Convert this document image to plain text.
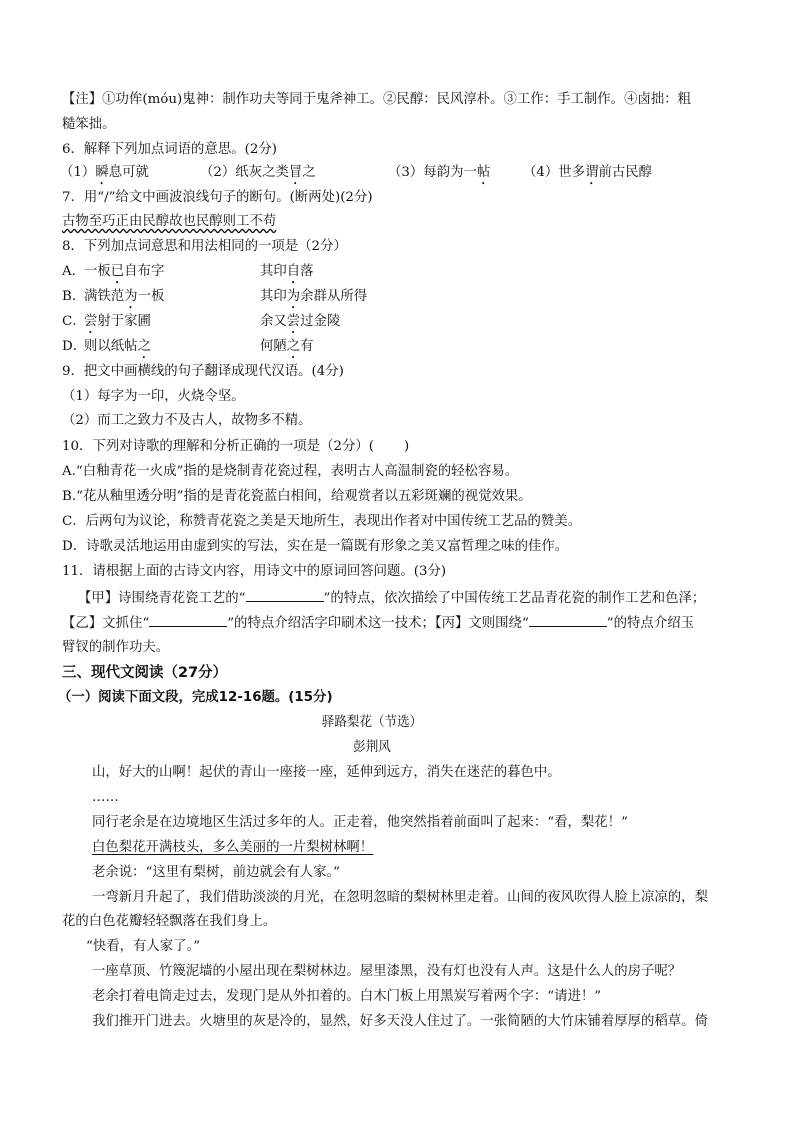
【注】①功侔(móu)鬼神：制作功夫等同于鬼斧神工。②民醇：民风淳朴。③工作：手工制作。④卤拙：粗
糙笨拙。
6．解释下列加点词语的意思。(2分)
（1）瞬息可就	（2）纸灰之类冒之	（3）每韵为一帖 （4）世多谓前古民醇
7．用“/”给文中画波浪线句子的断句。(断两处)(2分)
古物至巧正由民醇故也民醇则工不苟
8．下列加点词意思和用法相同的一项是（2分）
A．
一板已自布字	其印自落
B．
满铁范为一板	其印为余群从所得
C．
尝射于家圃	余又尝过金陵
D．
则以纸帖之	何陋之有
9．把文中画横线的句子翻译成现代汉语。(4分)
（1）每字为一印，火烧令坚。
（2）而工之致力不及古人，故物多不精。
10．下列对诗歌的理解和分析正确的一项是（2分）( )
A.“白釉青花一火成”指的是烧制青花瓷过程，表明古人高温制瓷的轻松容易。
B.“花从釉里透分明”指的是青花瓷蓝白相间，给观赏者以五彩斑斓的视觉效果。
C．后两句为议论，称赞青花瓷之美是天地所生，表现出作者对中国传统工艺品的赞美。
D．诗歌灵活地运用由虚到实的写法，实在是一篇既有形象之美又富哲理之味的佳作。
11．请根据上面的古诗文内容，用诗文中的原词回答问题。(3分)
【甲】诗围绕青花瓷工艺的“	”的特点，依次描绘了中国传统工艺品青花瓷的制作工艺和色泽；
【乙】文抓住“	”的特点介绍活字印刷术这一技术；【丙】文则围绕“	”的特点介绍玉
臂钗的制作功夫。
三、现代文阅读（27分）
（一）阅读下面文段，完成12-16题。(15分)
驿路梨花（节选）
彭荆风
山，好大的山啊！起伏的青山一座接一座，延伸到远方，消失在迷茫的暮色中。
……
同行老余是在边境地区生活过多年的人。正走着，他突然指着前面叫了起来：“看，梨花！”
白色梨花开满枝头，多么美丽的一片梨树林啊！
老余说：“这里有梨树，前边就会有人家。”
一弯新月升起了，我们借助淡淡的月光，在忽明忽暗的梨树林里走着。山间的夜风吹得人脸上凉凉的，梨
花的白色花瓣轻轻飘落在我们身上。
“快看，有人家了。”
一座草顶、竹篾泥墙的小屋出现在梨树林边。屋里漆黑，没有灯也没有人声。这是什么人的房子呢？
老余打着电筒走过去，发现门是从外扣着的。白木门板上用黑炭写着两个字：“请进！”
我们推开门进去。火塘里的灰是冷的，显然，好多天没人住过了。一张简陋的大竹床铺着厚厚的稻草。倚
